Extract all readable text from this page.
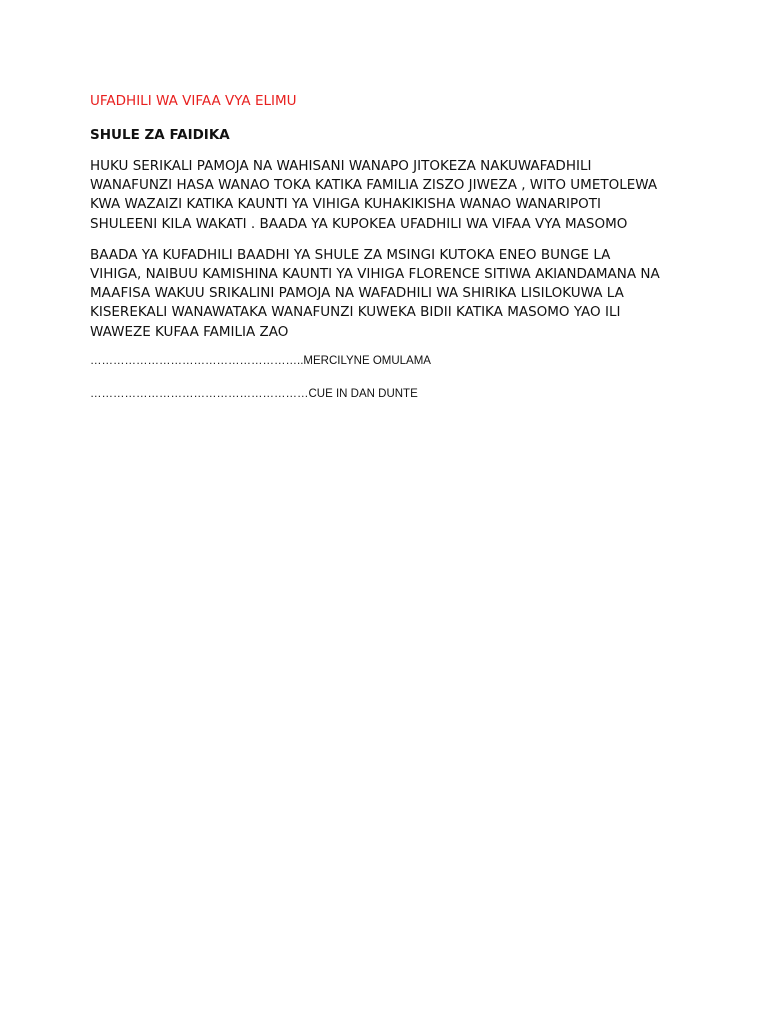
UFADHILI WA VIFAA VYA ELIMU
SHULE ZA FAIDIKA
HUKU SERIKALI PAMOJA NA WAHISANI WANAPO JITOKEZA NAKUWAFADHILI
WANAFUNZI HASA WANAO TOKA KATIKA FAMILIA ZISZO JIWEZA , WITO UMETOLEWA
KWA WAZAIZI KATIKA KAUNTI YA VIHIGA KUHAKIKISHA WANAO WANARIPOTI
SHULEENI KILA WAKATI . BAADA YA KUPOKEA UFADHILI WA VIFAA VYA MASOMO
BAADA YA KUFADHILI BAADHI YA SHULE ZA MSINGI KUTOKA ENEO BUNGE LA
VIHIGA, NAIBUU KAMISHINA KAUNTI YA VIHIGA FLORENCE SITIWA AKIANDAMANA NA
MAAFISA WAKUU SRIKALINI PAMOJA NA WAFADHILI WA SHIRIKA LISILOKUWA LA
KISEREKALI WANAWATAKA WANAFUNZI KUWEKA BIDII KATIKA MASOMO YAO ILI
WAWEZE KUFAA FAMILIA ZAO
………………………………………………..MERCILYNE OMULAMA
…………………………………………………CUE IN DAN DUNTE
